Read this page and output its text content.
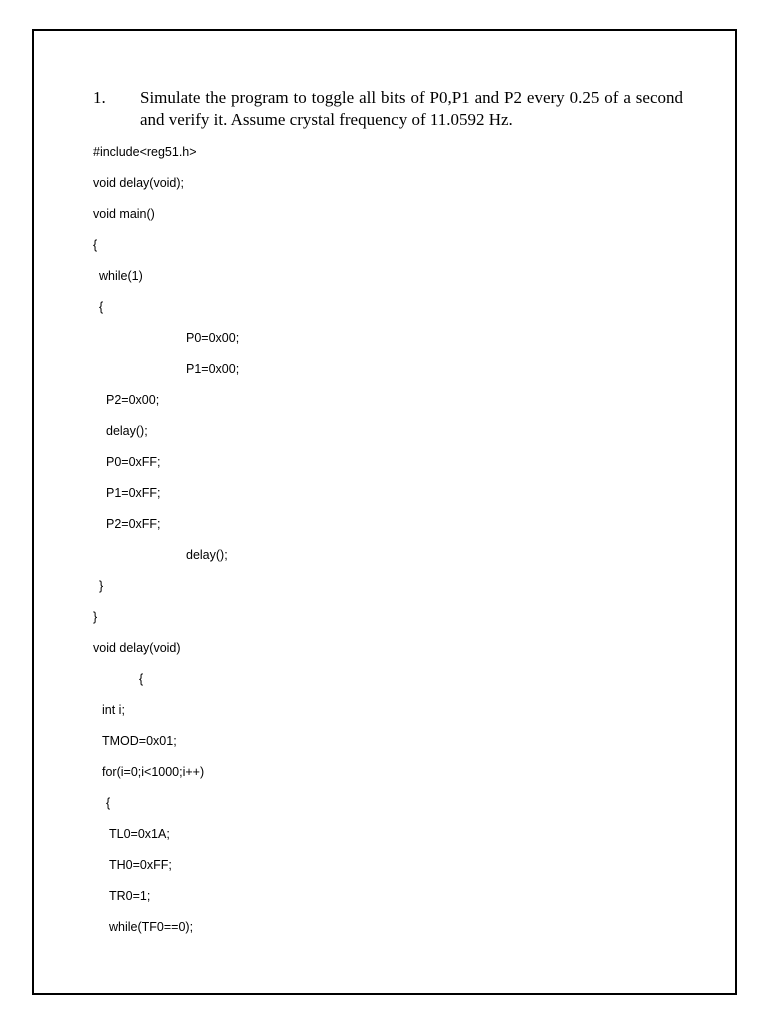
1. Simulate the program to toggle all bits of P0,P1 and P2 every 0.25 of a second and verify it. Assume crystal frequency of 11.0592 Hz.
#include<reg51.h>
void delay(void);
void main()
{
while(1)
{
P0=0x00;
P1=0x00;
P2=0x00;
delay();
P0=0xFF;
P1=0xFF;
P2=0xFF;
delay();
}
}
void delay(void)
{
int i;
TMOD=0x01;
for(i=0;i<1000;i++)
{
TL0=0x1A;
TH0=0xFF;
TR0=1;
while(TF0==0);
